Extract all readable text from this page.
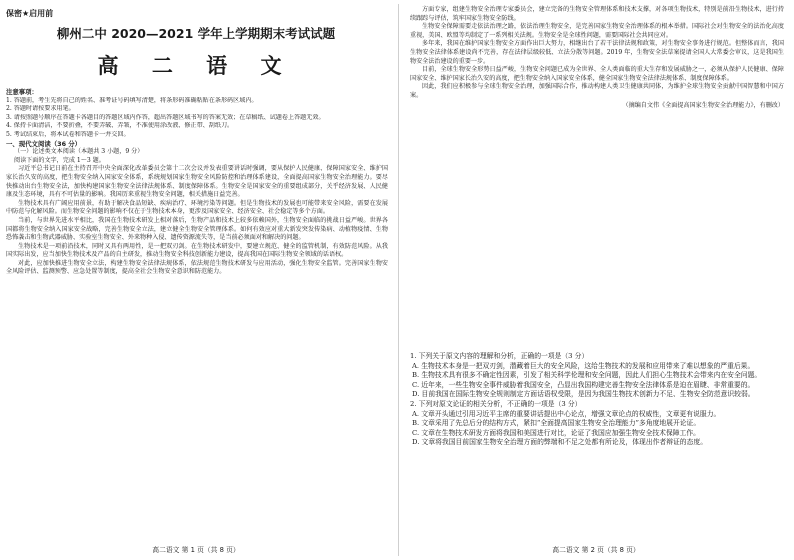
保密★启用前
柳州二中 2020—2021 学年上学期期末考试试题
高 二 语 文
注意事项：
1. 答题前，考生先将自己的姓名、准考证号码填写清楚，将条形码准确粘贴在条形码区域内。
2. 答题时请按要求用笔。
3. 请按照题号顺序在答题卡各题目的答题区域内作答，超出答题区域书写的答案无效；在草稿纸、试题卷上答题无效。
4. 保持卡面清洁，不要折叠，不要弄破、弄皱，不准使用涂改液、修正带、刮纸刀。
5. 考试结束后，将本试卷和答题卡一并交回。
一、现代文阅读（36 分）
（一）论述类文本阅读（本题共 3 小题，9 分）
阅读下面的文字，完成 1～3 题。

习近平总书记日前在主持召开中央全面深化改革委员会第十二次会议并发表重要讲话时强调，要从保护人民健康、保障国家安全、维护国家长治久安的高度，把生物安全纳入国家安全体系，系统规划国家生物安全风险防控和治理体系建设，全面提高国家生物安全治理能力。要尽快推动出台生物安全法，加快构建国家生物安全法律法规体系、制度保障体系。生物安全是国家安全的重要组成部分，关乎经济发展、人民健康及生态环境，具有不可估量的影响。我国历来重视生物安全问题，相关措施日益完善。

生物技术具有广阔应用前景，有助于解决食品短缺、疾病治疗、环境污染等问题。但是生物技术的发展也可能带来安全风险，需要在发展中防范与化解风险。而生物安全问题的影响不仅在于生物技术本身，更涉及国家安全、经济安全、社会稳定等多个方面。

当前，与世界先进水平相比，我国在生物技术研发上相对落后，生物产品和技术上较多依赖国外，生物安全面临的挑战日益严峻。世界各国都将生物安全纳入国家安全战略，完善生物安全立法，建立健全生物安全管理体系。如何有效应对重大新发突发传染病、动植物疫情、生物恐怖袭击和生物武器威胁、实验室生物安全、外来物种入侵、遗传资源流失等，是当前必须面对和解决的问题。

生物技术是一项前沿技术，同时又具有两用性，是一把双刃剑。在生物技术研发中，要建立规范、健全的监管机制，有效防范风险。从我国实际出发，应当加快生物技术及产品的自主研发，推动生物安全科技创新能力建设，提高我国在国际生物安全领域的话语权。

对此，应加快推进生物安全立法，构建生物安全法律法规体系，依法规范生物技术研发与应用活动，强化生物安全监管。完善国家生物安全风险评估、监测预警、应急处置等制度，提高全社会生物安全意识和防范能力。

高二语文 第 1 页（共 8 页）

方面专家，组建生物安全治理专家委员会，建立完备的生物安全管理体系和技术支撑，对各项生物技术，特别是前沿生物技术，进行持续跟踪与评估，筑牢国家生物安全防线。

生物安全保障需要走依法治理之路，依法治理生物安全，是完善国家生物安全治理体系的根本举措。国际社会对生物安全的法治化高度重视，美国、欧盟等均制定了一系列相关法规。生物安全是全球性问题，需要国际社会共同应对。

多年来，我国在维护国家生物安全方面作出巨大努力，相继出台了若干法律法规和政策，对生物安全事务进行规范。但整体而言，我国生物安全法律体系建设尚不完善，存在法律层级较低、立法分散等问题。2019 年，生物安全法草案提请全国人大常委会审议，这是我国生物安全法治建设的重要一步。

目前，全球生物安全形势日益严峻，生物安全问题已成为全世界、全人类面临的重大生存和发展威胁之一，必须从保护人民健康、保障国家安全、维护国家长治久安的高度，把生物安全纳入国家安全体系，健全国家生物安全法律法规体系、制度保障体系。

因此，我们应积极参与全球生物安全治理，加强国际合作，推动构建人类卫生健康共同体，为维护全球生物安全贡献中国智慧和中国方案。

（摘编自文伟《全面提高国家生物安全治理能力》，有删改）

1. 下列关于原文内容的理解和分析，正确的一项是（3 分）

A. 生物技术本身是一把双刃剑，潜藏着巨大的安全风险，这给生物技术的发展和应用带来了难以想象的严重后果。

B. 生物技术具有很多不确定性因素，引发了相关科学伦理和安全问题，因此人们担心生物技术会带来内在安全问题。

C. 近年来，一些生物安全事件威胁着我国安全，凸显出我国构建完善生物安全法律体系是迫在眉睫、非常重要的。

D. 目前我国在国际生物安全规则制定方面话语权受限，是因为我国生物技术创新力不足、生物安全防范意识较弱。

2. 下列对原文论证的相关分析，不正确的一项是（3 分）

A. 文章开头通过引用习近平主席的重要讲话提出中心论点，增强文章论点的权威性，文章更有说服力。

B. 文章采用了先总后分的结构方式，紧扣“全面提高国家生物安全治理能力”多角度地展开论证。

C. 文章在生物技术研发方面将我国和美国进行对比，论证了我国应加强生物安全技术保障工作。

D. 文章将我国目前国家生物安全治理方面的弊端和不足之处都有所论及，体现出作者辩证的态度。

高二语文 第 2 页（共 8 页）
